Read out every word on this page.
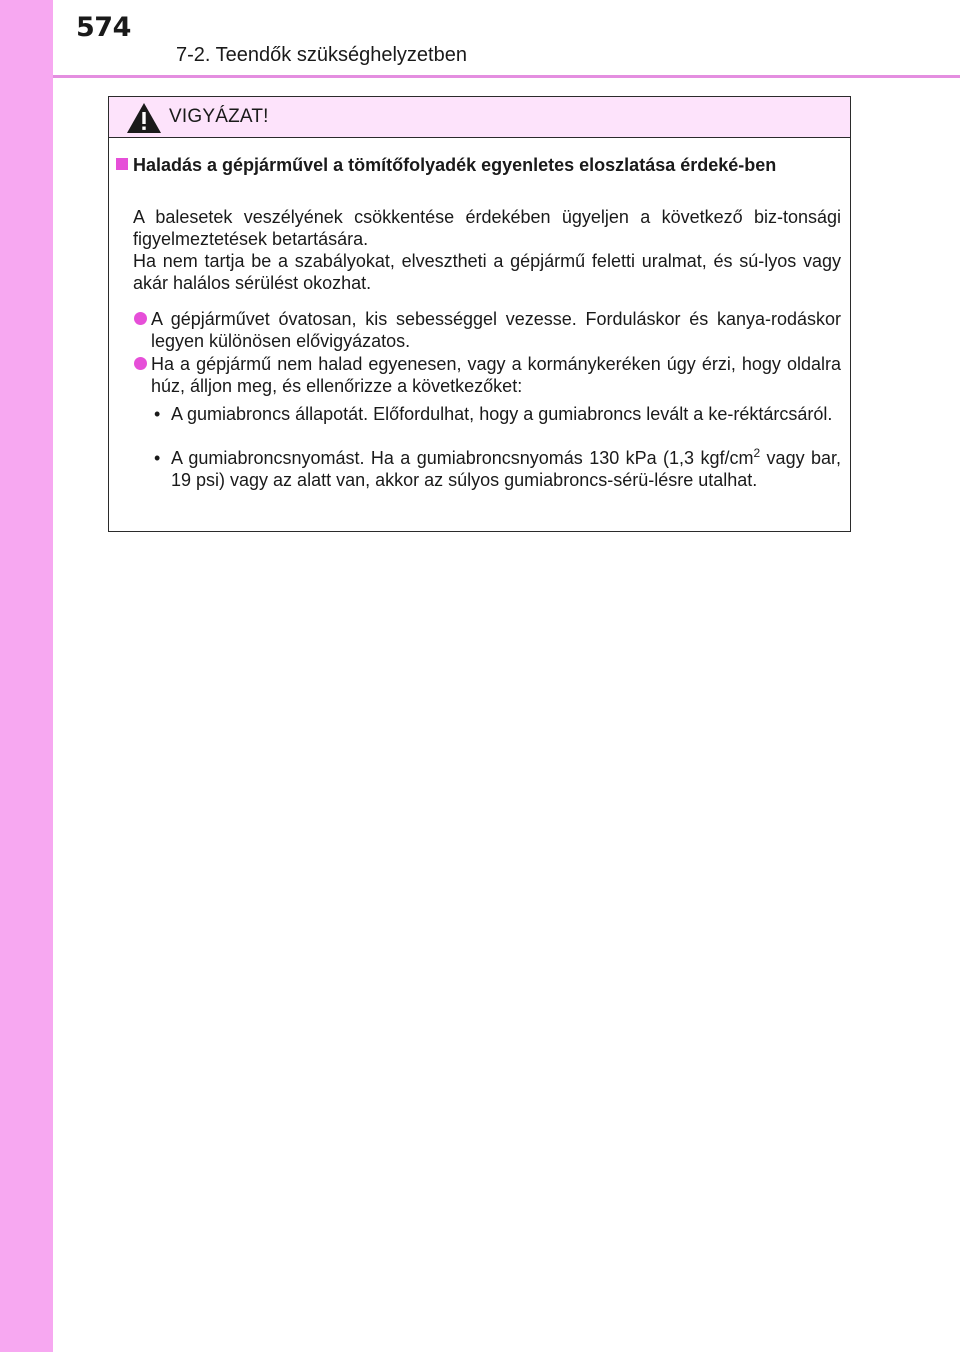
574
7-2. Teendők szükséghelyzetben
VIGYÁZAT!
Haladás a gépjárművel a tömítőfolyadék egyenletes eloszlatása érdeké-ben
A balesetek veszélyének csökkentése érdekében ügyeljen a következő biz-tonsági figyelmeztetések betartására.
Ha nem tartja be a szabályokat, elvesztheti a gépjármű feletti uralmat, és sú-lyos vagy akár halálos sérülést okozhat.
A gépjárművet óvatosan, kis sebességgel vezesse. Forduláskor és kanya-rodáskor legyen különösen elővigyázatos.
Ha a gépjármű nem halad egyenesen, vagy a kormánykeréken úgy érzi, hogy oldalra húz, álljon meg, és ellenőrizze a következőket:
• A gumiabroncs állapotát. Előfordulhat, hogy a gumiabroncs levált a ke-réktárcsáról.
• A gumiabroncsnyomást. Ha a gumiabroncsnyomás 130 kPa (1,3 kgf/$cm^2$ vagy bar, 19 psi) vagy az alatt van, akkor az súlyos gumiabroncs-sérü-lésre utalhat.
